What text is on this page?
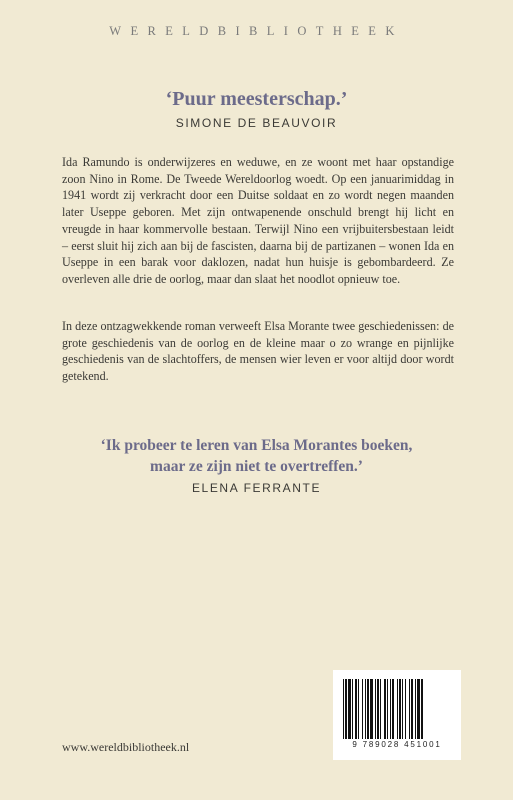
WERELDBIBLIOTHEEK
‘Puur meesterschap.’
SIMONE DE BEAUVOIR
Ida Ramundo is onderwijzeres en weduwe, en ze woont met haar opstandige zoon Nino in Rome. De Tweede Wereldoorlog woedt. Op een januarimiddag in 1941 wordt zij verkracht door een Duitse soldaat en zo wordt negen maanden later Useppe geboren. Met zijn ontwapenende onschuld brengt hij licht en vreugde in haar kommervolle bestaan. Terwijl Nino een vrijbuitersbestaan leidt – eerst sluit hij zich aan bij de fascisten, daarna bij de partizanen – wonen Ida en Useppe in een barak voor daklozen, nadat hun huisje is gebombardeerd. Ze overleven alle drie de oorlog, maar dan slaat het noodlot opnieuw toe.
In deze ontzagwekkende roman verweeft Elsa Morante twee geschiedenissen: de grote geschiedenis van de oorlog en de kleine maar o zo wrange en pijnlijke geschiedenis van de slachtoffers, de mensen wier leven er voor altijd door wordt getekend.
‘Ik probeer te leren van Elsa Morantes boeken,
maar ze zijn niet te overtreffen.’
ELENA FERRANTE
www.wereldbibliotheek.nl	9 789028 451001
